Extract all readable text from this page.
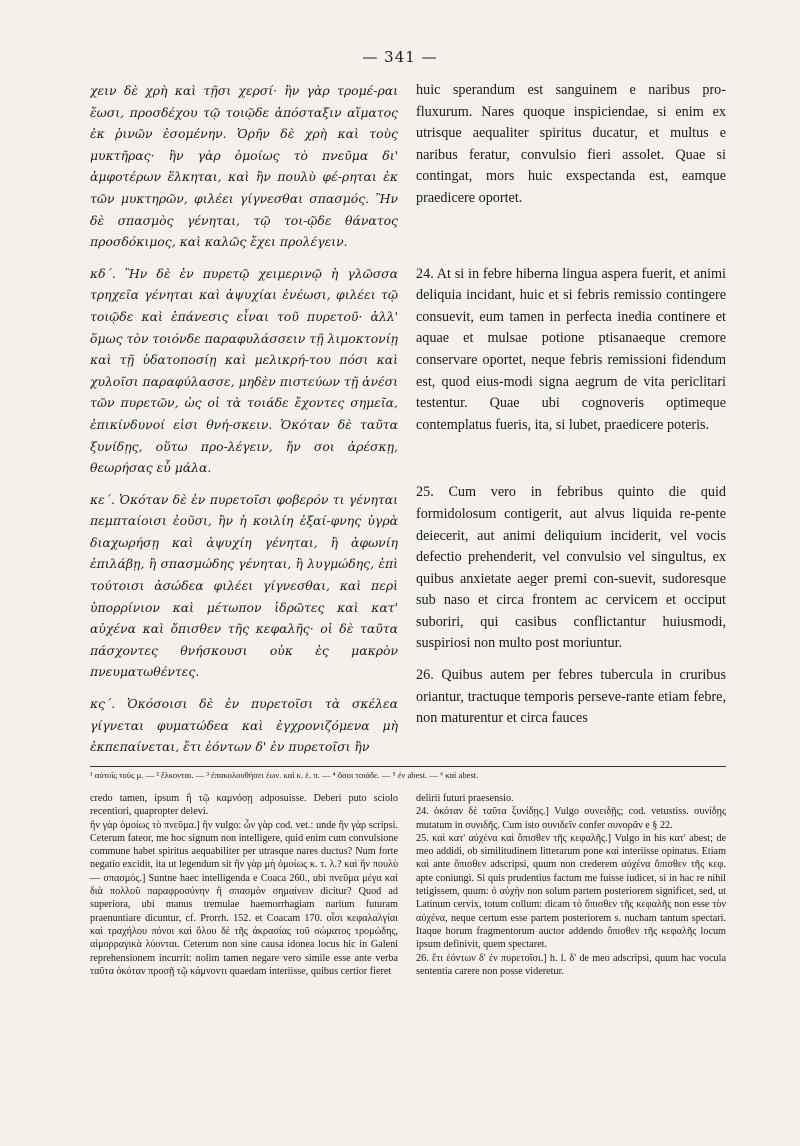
— 341 —

χειν δὲ χρὴ καὶ τῇσι χερσί· ἢν γὰρ τρομέ-ραι ἔωσι, προσδέχου τῷ τοιῷδε ἀπόσταξιν αἵματος ἐκ ῥινῶν ἐσομένην. Ὁρῆν δὲ χρὴ καὶ τοὺς μυκτῆρας· ἢν γὰρ ὁμοίως τὸ πνεῦμα δι' ἀμφοτέρων ἕλκηται, καὶ ἢν πουλὺ φέ-ρηται ἐκ τῶν μυκτηρῶν, φιλέει γίγνεσθαι σπασμός. Ἢν δὲ σπασμὸς γένηται, τῷ τοι-ῷδε θάνατος προσδόκιμος, καὶ καλῶς ἔχει προλέγειν.

κδ΄. Ἢν δὲ ἐν πυρετῷ χειμερινῷ ἡ γλῶσσα τρηχεῖα γένηται καὶ ἀψυχίαι ἐνέωσι, φιλέει τῷ τοιῷδε καὶ ἐπάνεσις εἶναι τοῦ πυρετοῦ· ἀλλ' ὅμως τὸν τοιόνδε παραφυλάσσειν τῇ λιμοκτονίῃ καὶ τῇ ὑδατοποσίῃ καὶ μελικρή-του πόσι καὶ χυλοῖσι παραφύλασσε, μηδὲν πιστεύων τῇ ἀνέσι τῶν πυρετῶν, ὡς οἱ τὰ τοιάδε ἔχοντες σημεῖα, ἐπικίνδυνοί εἰσι θνή-σκειν. Ὁκόταν δὲ ταῦτα ξυνίδῃς, οὕτω προ-λέγειν, ἤν σοι ἀρέσκῃ, θεωρήσας εὖ μάλα.

κε΄. Ὁκόταν δὲ ἐν πυρετοῖσι φοβερόν τι γένηται πεμπταίοισι ἐοῦσι, ἢν ἡ κοιλίη ἐξαί-φνης ὑγρὰ διαχωρήσῃ καὶ ἀψυχίη γένηται, ἢ ἀφωνίη ἐπιλάβῃ, ἢ σπασμώδης γένηται, ἢ λυγμώδης, ἐπὶ τούτοισι ἀσώδεα φιλέει γίγνεσθαι, καὶ περὶ ὑπορρίνιον καὶ μέτωπον ἱδρῶτες καὶ κατ' αὐχένα καὶ ὄπισθεν τῆς κεφαλῆς· οἱ δὲ ταῦτα πάσχοντες θνήσκουσι οὐκ ἐς μακρὸν πνευματωθέντες.

κς΄. Ὁκόσοισι δὲ ἐν πυρετοῖσι τὰ σκέλεα γίγνεται φυματώδεα καὶ ἐγχρονιζόμενα μὴ ἐκπεπαίνεται, ἔτι ἐόντων δ' ἐν πυρετοῖσι ἢν

huic sperandum est sanguinem e naribus pro-fluxurum. Nares quoque inspiciendae, si enim ex utrisque aequaliter spiritus ducatur, et multus e naribus feratur, convulsio fieri assolet. Quae si contingat, mors huic exspectanda est, eamque praedicere oportet.

24. At si in febre hiberna lingua aspera fuerit, et animi deliquia incidant, huic et si febris remissio contingere consuevit, eum tamen in perfecta inedia continere et aquae et mulsae potione ptisanaeque cremore conservare oportet, neque febris remissioni fidendum est, quod eius-modi signa aegrum de vita periclitari testentur. Quae ubi cognoveris optimeque contemplatus fueris, ita, si lubet, praedicere poteris.

25. Cum vero in febribus quinto die quid formidolosum contigerit, aut alvus liquida re-pente deiecerit, aut animi deliquium inciderit, vel vocis defectio prehenderit, vel convulsio vel singultus, ex quibus anxietate aeger premi con-suevit, sudoresque sub naso et circa frontem ac cervicem et occiput suboriri, qui casibus conflictantur huiusmodi, suspiriosi non multo post moriuntur.

26. Quibus autem per febres tubercula in cruribus oriantur, tractuque temporis perseve-rante etiam febre, non maturentur et circa fauces

¹ αὐτοῖς τοὺς μ. — ² ἕλκονται. — ³ ἐπακολουθήσει ἐων. καὶ κ. ἑ. π. — ⁴ ὅσοι τοιάδε. — ⁵ ἐν abest. — ⁶ καὶ abest.

credo tamen, ipsum ἢ τῷ καμνόσῃ adposuisse. Deberi puto sciolo recentiori, quapropter delevi.

ἢν γὰρ ὁμοίως τὸ πνεῦμα.] ἢν vulgo: ὧν γὰρ cod. vet.: unde ἢν γὰρ scripsi. Ceterum fateor, me hoc signum non intelligere, quid enim cum convulsione commune habet spiritus aequabiliter per utrasque nares ductus? Num forte negatio excidit, ita ut legendum sit ἢν γὰρ μὴ ὁμοίως κ. τ. λ.? καὶ ἢν πουλὺ — σπασμός.] Suntne haec intelligenda e Coaca 260., ubi πνεῦμα μέγα καὶ διὰ πολλοῦ παραφροσύνην ἢ σπασμὸν σημαίνειν dicitur? Quod ad superiora, ubi manus tremulae haemorrhagiam narium futuram praenuntiare dicuntur, cf. Prorrh. 152. et Coacam 170. οἷσι κεφαλαλγίαι καὶ τραχήλου πόνοι καὶ ὅλου δὲ τῆς ἀκρασίας τοῦ σώματος τρομώδης, αἱμορραγικὰ λύονται. Ceterum non sine causa idonea locus hic in Galeni reprehensionem incurrit: nolim tamen negare vero simile esse ante verba ταῦτα ὁκόταν προσῇ τῷ κάμνοντι quaedam interiisse, quibus certior fieret

delirii futuri praesensio.

24. ὁκόταν δὲ ταῦτα ξυνίδῃς.] Vulgo συνειδῇς; cod. vetustiss. συνίδῃς mutatum in συνιδῆς. Cum isto συνιδεῖν confer συνορᾶν e § 22.

25. καὶ κατ' αὐχένα καὶ ὄπισθεν τῆς κεφαλῆς.] Vulgo in his κατ' abest; de meo addidi, ob similitudinem litterarum pone καὶ interiisse opinatus. Etiam καὶ ante ὄπισθεν adscripsi, quum non crederem αὐχένα ὄπισθεν τῆς κεφ. apte coniungi. Si quis prudentius factum me fuisse iudicet, si in hac re nihil tetigissem, quum: ὁ αὐχὴν non solum partem posteriorem significet, sed, ut Latinum cervix, totum collum: dicam τὸ ὄπισθεν τῆς κεφαλῆς non esse τὸν αὐχένα, neque certum esse partem posteriorem s. nucham tantum spectari. Itaque horum fragmentorum auctor addendo ὄπισθεν τῆς κεφαλῆς locum ipsum definivit, quem spectaret.

26. ἔτι ἐόντων δ' ἐν πυρετοῖσι.] h. l. δ' de meo adscripsi, quum hac vocula sententia carere non posse videretur.
